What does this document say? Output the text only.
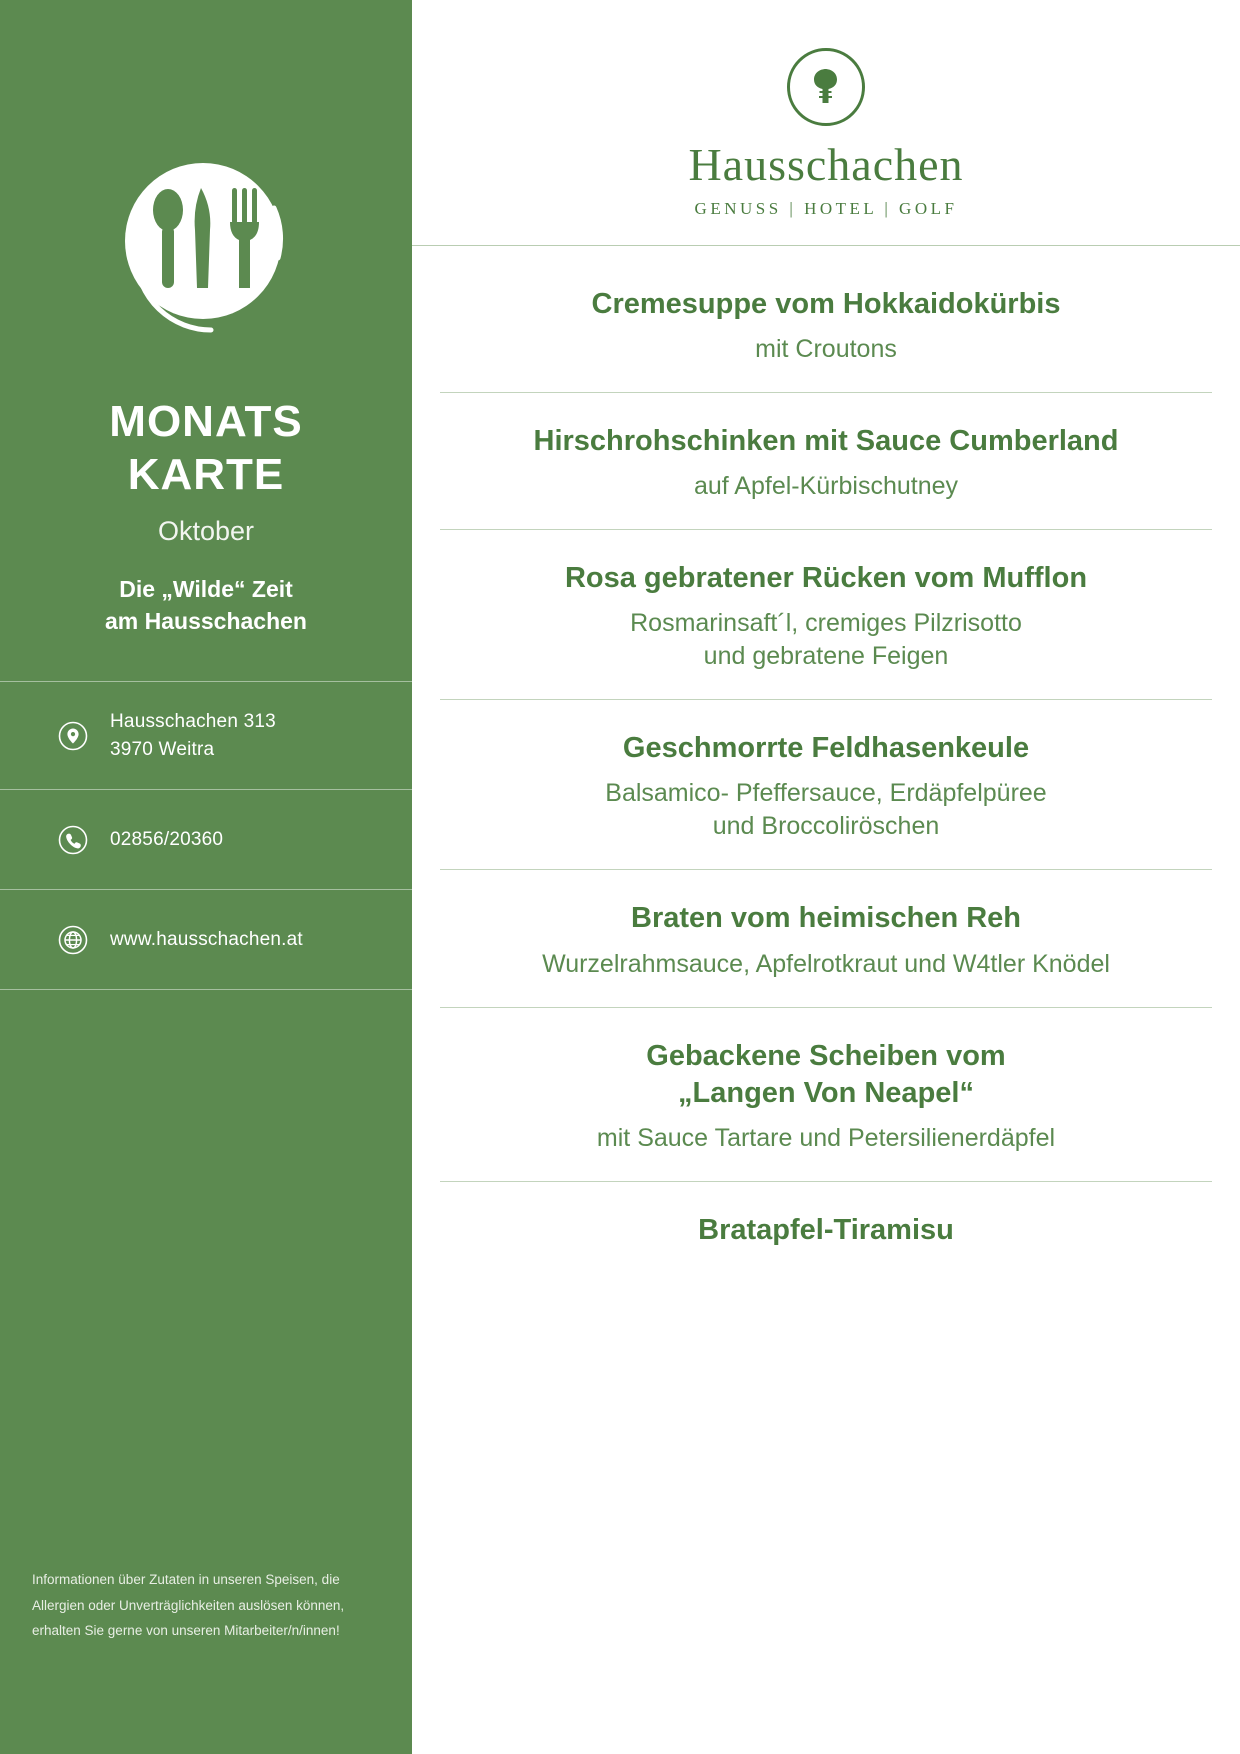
MONATS
KARTE
Oktober
Die „Wilde“ Zeit
am Hausschachen
Hausschachen 313
3970 Weitra
02856/20360
www.hausschachen.at
Informationen über Zutaten in unseren Speisen, die
Allergien oder Unverträglichkeiten auslösen können,
erhalten Sie gerne von unseren Mitarbeiter/n/innen!
Hausschachen
GENUSS | HOTEL | GOLF
Cremesuppe vom Hokkaidokürbis
mit Croutons
Hirschrohschinken mit Sauce Cumberland
auf Apfel-Kürbischutney
Rosa gebratener Rücken vom Mufflon
Rosmarinsaft´l, cremiges Pilzrisotto
und gebratene Feigen
Geschmorrte Feldhasenkeule
Balsamico- Pfeffersauce, Erdäpfelpüree
und Broccoliröschen
Braten vom heimischen Reh
Wurzelrahmsauce, Apfelrotkraut und W4tler Knödel
Gebackene Scheiben vom
„Langen Von Neapel“
mit Sauce Tartare und Petersilienerdäpfel
Bratapfel-Tiramisu
